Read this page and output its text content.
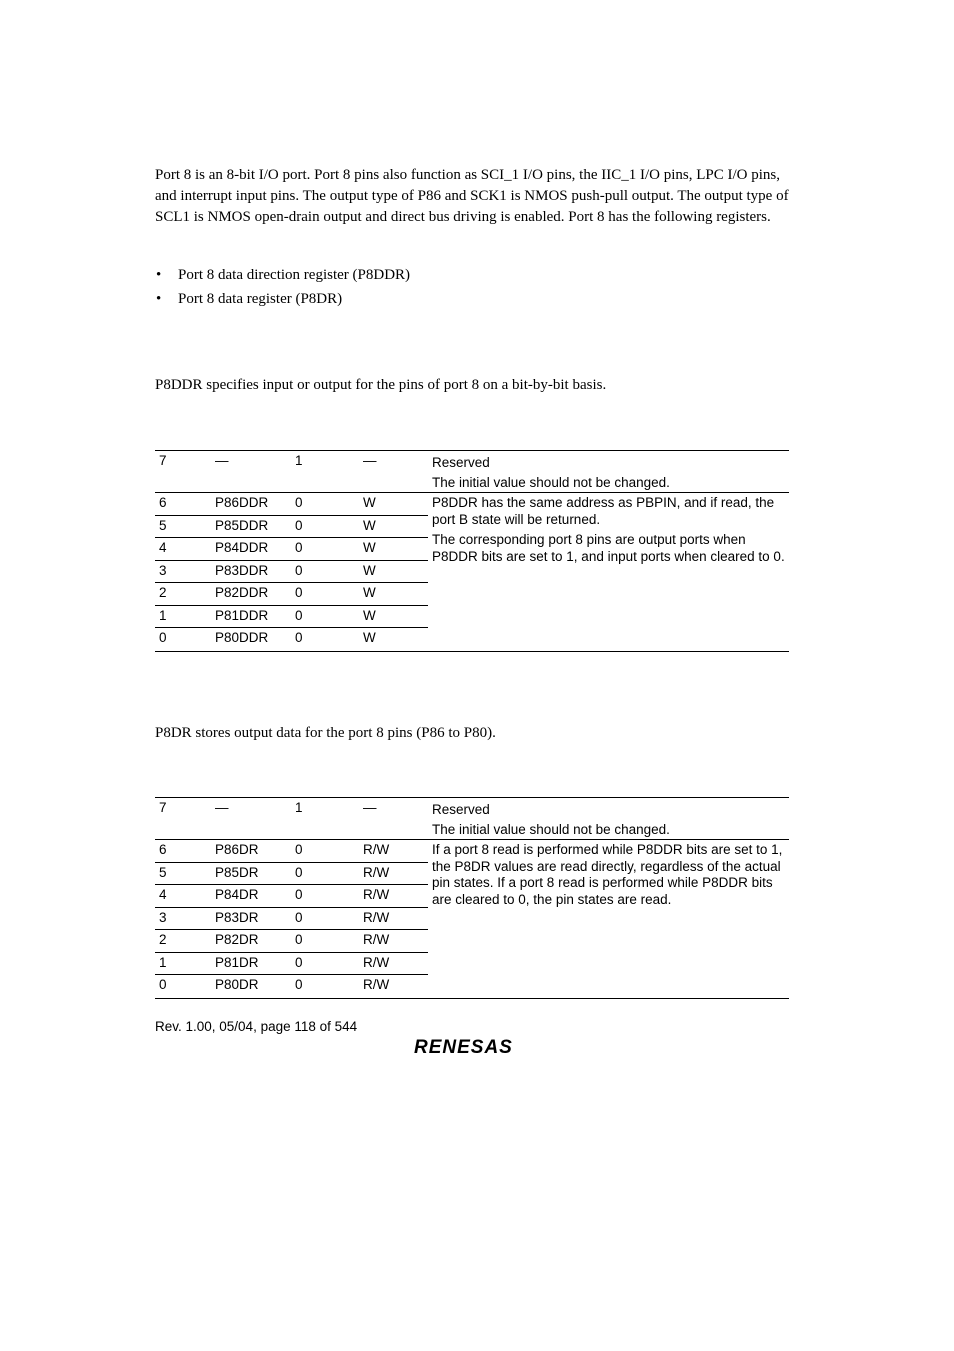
Port 8 is an 8-bit I/O port. Port 8 pins also function as SCI_1 I/O pins, the IIC_1 I/O pins, LPC I/O pins, and interrupt input pins. The output type of P86 and SCK1 is NMOS push-pull output. The output type of SCL1 is NMOS open-drain output and direct bus driving is enabled. Port 8 has the following registers.

• Port 8 data direction register (P8DDR)
• Port 8 data register (P8DR)

P8DDR specifies input or output for the pins of port 8 on a bit-by-bit basis.

7	—	1	—	Reserved
The initial value should not be changed.
6	P86DDR 0	W	P8DDR has the same address as PBPIN, and if read, the port B state will be returned.

The corresponding port 8 pins are output ports when P8DDR bits are set to 1, and input ports when cleared to 0.

5	P85DDR 0	W
4	P84DDR 0	W
3	P83DDR 0	W
2	P82DDR 0	W
1	P81DDR 0	W
0	P80DDR 0	W

P8DR stores output data for the port 8 pins (P86 to P80).

7	—	1	—	Reserved
The initial value should not be changed.
6	P86DR	0	R/W	If a port 8 read is performed while P8DDR bits are set to 1, the P8DR values are read directly, regardless of the actual pin states. If a port 8 read is performed while P8DDR bits are cleared to 0, the pin states are read.

5	P85DR	0	R/W
4	P84DR	0	R/W
3	P83DR	0	R/W
2	P82DR	0	R/W
1	P81DR	0	R/W
0	P80DR	0	R/W
Rev. 1.00, 05/04, page 118 of 544
RENESAS
